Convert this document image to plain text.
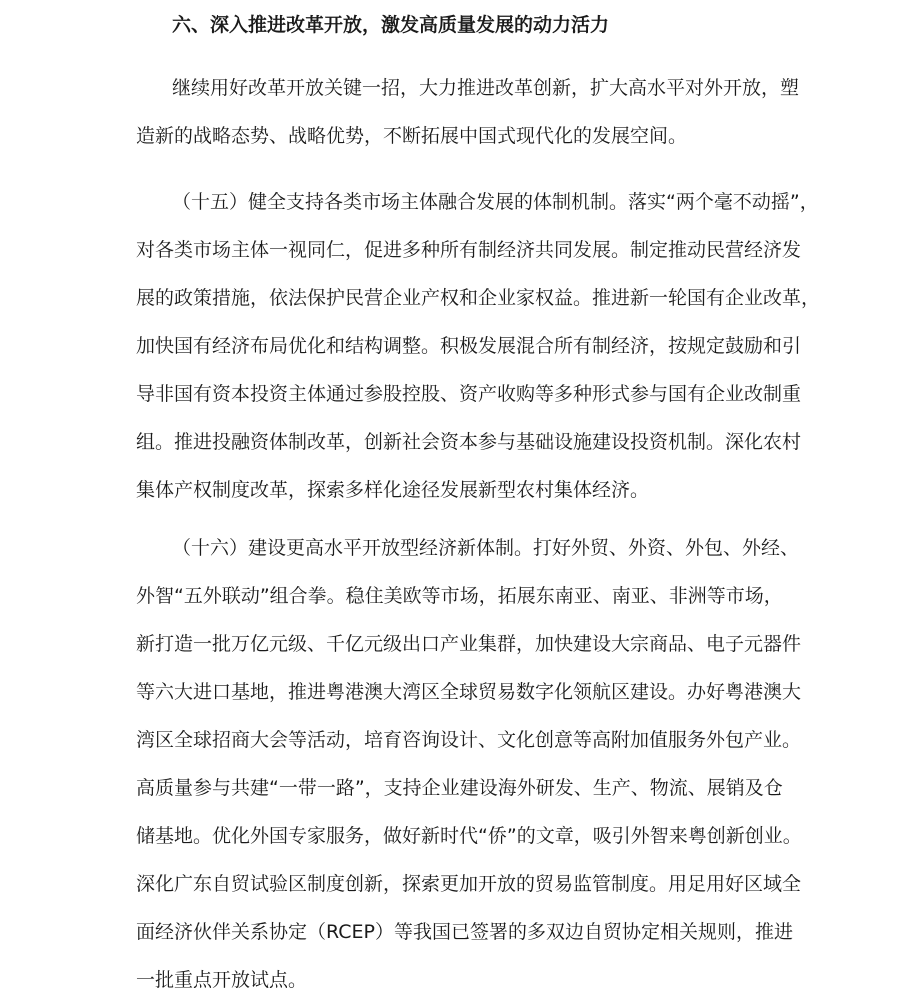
六、深入推进改革开放，激发高质量发展的动力活力
继续用好改革开放关键一招，大力推进改革创新，扩大高水平对外开放，塑
造新的战略态势、战略优势，不断拓展中国式现代化的发展空间。
（十五）健全支持各类市场主体融合发展的体制机制。落实“两个毫不动摇”，
对各类市场主体一视同仁，促进多种所有制经济共同发展。制定推动民营经济发
展的政策措施，依法保护民营企业产权和企业家权益。推进新一轮国有企业改革，
加快国有经济布局优化和结构调整。积极发展混合所有制经济，按规定鼓励和引
导非国有资本投资主体通过参股控股、资产收购等多种形式参与国有企业改制重
组。推进投融资体制改革，创新社会资本参与基础设施建设投资机制。深化农村
集体产权制度改革，探索多样化途径发展新型农村集体经济。
（十六）建设更高水平开放型经济新体制。打好外贸、外资、外包、外经、
外智“五外联动”组合拳。稳住美欧等市场，拓展东南亚、南亚、非洲等市场，
新打造一批万亿元级、千亿元级出口产业集群，加快建设大宗商品、电子元器件
等六大进口基地，推进粤港澳大湾区全球贸易数字化领航区建设。办好粤港澳大
湾区全球招商大会等活动，培育咨询设计、文化创意等高附加值服务外包产业。
高质量参与共建“一带一路”，支持企业建设海外研发、生产、物流、展销及仓
储基地。优化外国专家服务，做好新时代“侨”的文章，吸引外智来粤创新创业。
深化广东自贸试验区制度创新，探索更加开放的贸易监管制度。用足用好区域全
面经济伙伴关系协定（RCEP）等我国已签署的多双边自贸协定相关规则，推进
一批重点开放试点。
